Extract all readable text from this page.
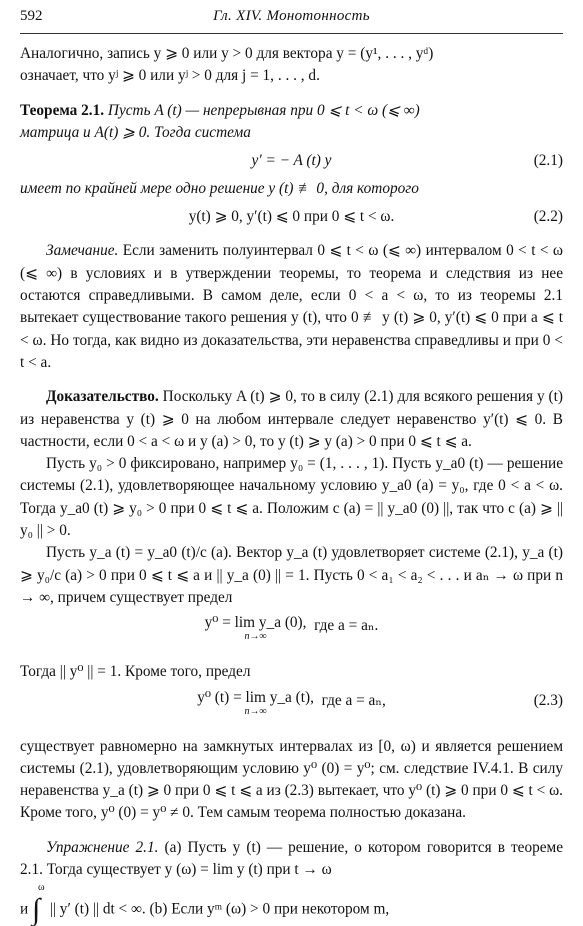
592	Гл. XIV. Монотонность

Аналогично, запись y ⩾ 0 или y > 0 для вектора y = (y¹, . . . , yᵈ)
означает, что yʲ ⩾ 0 или yʲ > 0 для j = 1, . . . , d.

Теорема 2.1. Пусть A (t) — непрерывная при 0 ⩽ t < ω (⩽ ∞)
матрица и A(t) ⩾ 0. Тогда система

y′ = − A (t) y	(2.1)

имеет по крайней мере одно решение y (t) ≢ 0, для которого

y(t) ⩾ 0, y′(t) ⩽ 0 при 0 ⩽ t < ω.	(2.2)

Замечание. Если заменить полуинтервал 0 ⩽ t < ω (⩽ ∞) интервалом 0 < t < ω (⩽ ∞) в условиях и в утверждении теоремы, то теорема и следствия из нее остаются справедливыми. В самом деле, если 0 < a < ω, то из теоремы 2.1 вытекает существование такого решения y (t), что 0 ≢ y (t) ⩾ 0, y′(t) ⩽ 0 при a ⩽ t < ω. Но тогда, как видно из доказательства, эти неравенства справедливы и при 0 < t < a.

Доказательство. Поскольку A (t) ⩾ 0, то в силу (2.1) для всякого решения y (t) из неравенства y (t) ⩾ 0 на любом интервале следует неравенство y′(t) ⩽ 0. В частности, если 0 < a < ω и y (a) > 0, то y (t) ⩾ y (a) > 0 при 0 ⩽ t ⩽ a.

Пусть y₀ > 0 фиксировано, например y₀ = (1, . . . , 1). Пусть y_a0 (t) — решение системы (2.1), удовлетворяющее начальному условию y_a0 (a) = y₀, где 0 < a < ω. Тогда y_a0 (t) ⩾ y₀ > 0 при 0 ⩽ t ⩽ a. Положим c (a) = || y_a0 (0) ||, так что c (a) ⩾ || y₀ || > 0.

Пусть y_a (t) = y_a0 (t)/c (a). Вектор y_a (t) удовлетворяет системе (2.1), y_a (t) ⩾ y₀/c (a) > 0 при 0 ⩽ t ⩽ a и || y_a (0) || = 1. Пусть 0 < a₁ < a₂ < . . . и aₙ → ω при n → ∞, причем существует предел

y⁰ = lim y_a (0),
n→∞
где a = aₙ.

Тогда || y⁰ || = 1. Кроме того, предел

y⁰ (t) = lim y_a (t),
n→∞
где a = aₙ,	(2.3)

существует равномерно на замкнутых интервалах из [0, ω) и является решением системы (2.1), удовлетворяющим условию y⁰ (0) = y⁰; см. следствие IV.4.1. В силу неравенства y_a (t) ⩾ 0 при 0 ⩽ t ⩽ a из (2.3) вытекает, что y⁰ (t) ⩾ 0 при 0 ⩽ t < ω. Кроме того, y⁰ (0) = y⁰ ≠ 0. Тем самым теорема полностью доказана.

Упражнение 2.1. (a) Пусть y (t) — решение, о котором говорится в теореме 2.1. Тогда существует y (ω) = lim y (t) при t → ω

и ∫
ω
|| y′ (t) || dt < ∞. (b) Если yᵐ (ω) > 0 при некотором m,
